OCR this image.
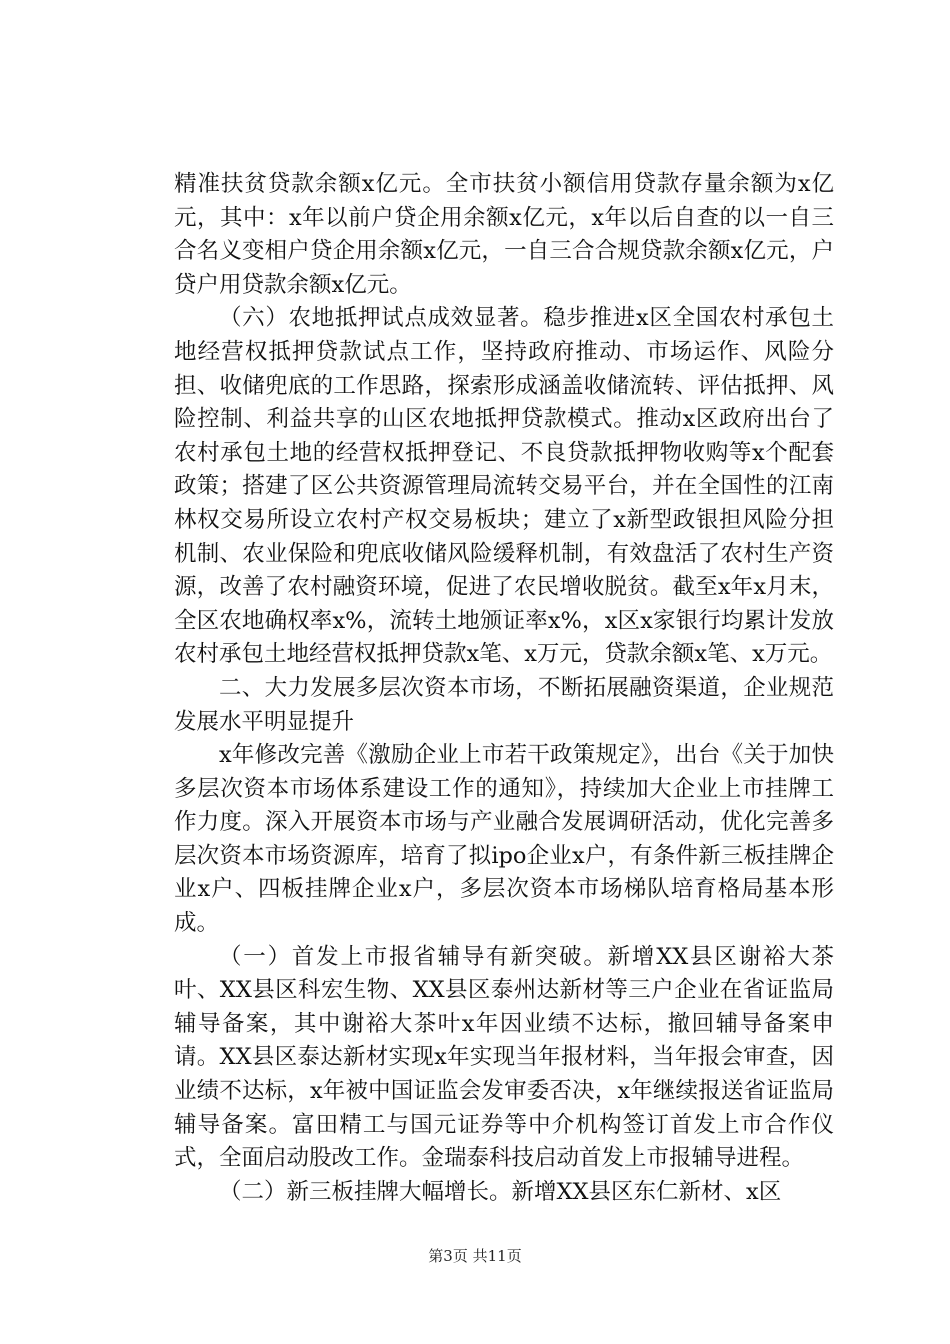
精准扶贫贷款余额x亿元。全市扶贫小额信用贷款存量余额为x亿元，其中：x年以前户贷企用余额x亿元，x年以后自查的以一自三合名义变相户贷企用余额x亿元，一自三合合规贷款余额x亿元，户贷户用贷款余额x亿元。

（六）农地抵押试点成效显著。稳步推进x区全国农村承包土地经营权抵押贷款试点工作，坚持政府推动、市场运作、风险分担、收储兜底的工作思路，探索形成涵盖收储流转、评估抵押、风险控制、利益共享的山区农地抵押贷款模式。推动x区政府出台了农村承包土地的经营权抵押登记、不良贷款抵押物收购等x个配套政策；搭建了区公共资源管理局流转交易平台，并在全国性的江南林权交易所设立农村产权交易板块；建立了x新型政银担风险分担机制、农业保险和兜底收储风险缓释机制，有效盘活了农村生产资源，改善了农村融资环境，促进了农民增收脱贫。截至x年x月末，全区农地确权率x%，流转土地颁证率x%，x区x家银行均累计发放农村承包土地经营权抵押贷款x笔、x万元，贷款余额x笔、x万元。

二、大力发展多层次资本市场，不断拓展融资渠道，企业规范发展水平明显提升

x年修改完善《激励企业上市若干政策规定》，出台《关于加快多层次资本市场体系建设工作的通知》，持续加大企业上市挂牌工作力度。深入开展资本市场与产业融合发展调研活动，优化完善多层次资本市场资源库，培育了拟ipo企业x户，有条件新三板挂牌企业x户、四板挂牌企业x户，多层次资本市场梯队培育格局基本形成。

（一）首发上市报省辅导有新突破。新增XX县区谢裕大茶叶、XX县区科宏生物、XX县区泰州达新材等三户企业在省证监局辅导备案，其中谢裕大茶叶x年因业绩不达标，撤回辅导备案申请。XX县区泰达新材实现x年实现当年报材料，当年报会审查，因业绩不达标，x年被中国证监会发审委否决，x年继续报送省证监局辅导备案。富田精工与国元证券等中介机构签订首发上市合作仪式，全面启动股改工作。金瑞泰科技启动首发上市报辅导进程。

（二）新三板挂牌大幅增长。新增XX县区东仁新材、x区

第3页 共11页
